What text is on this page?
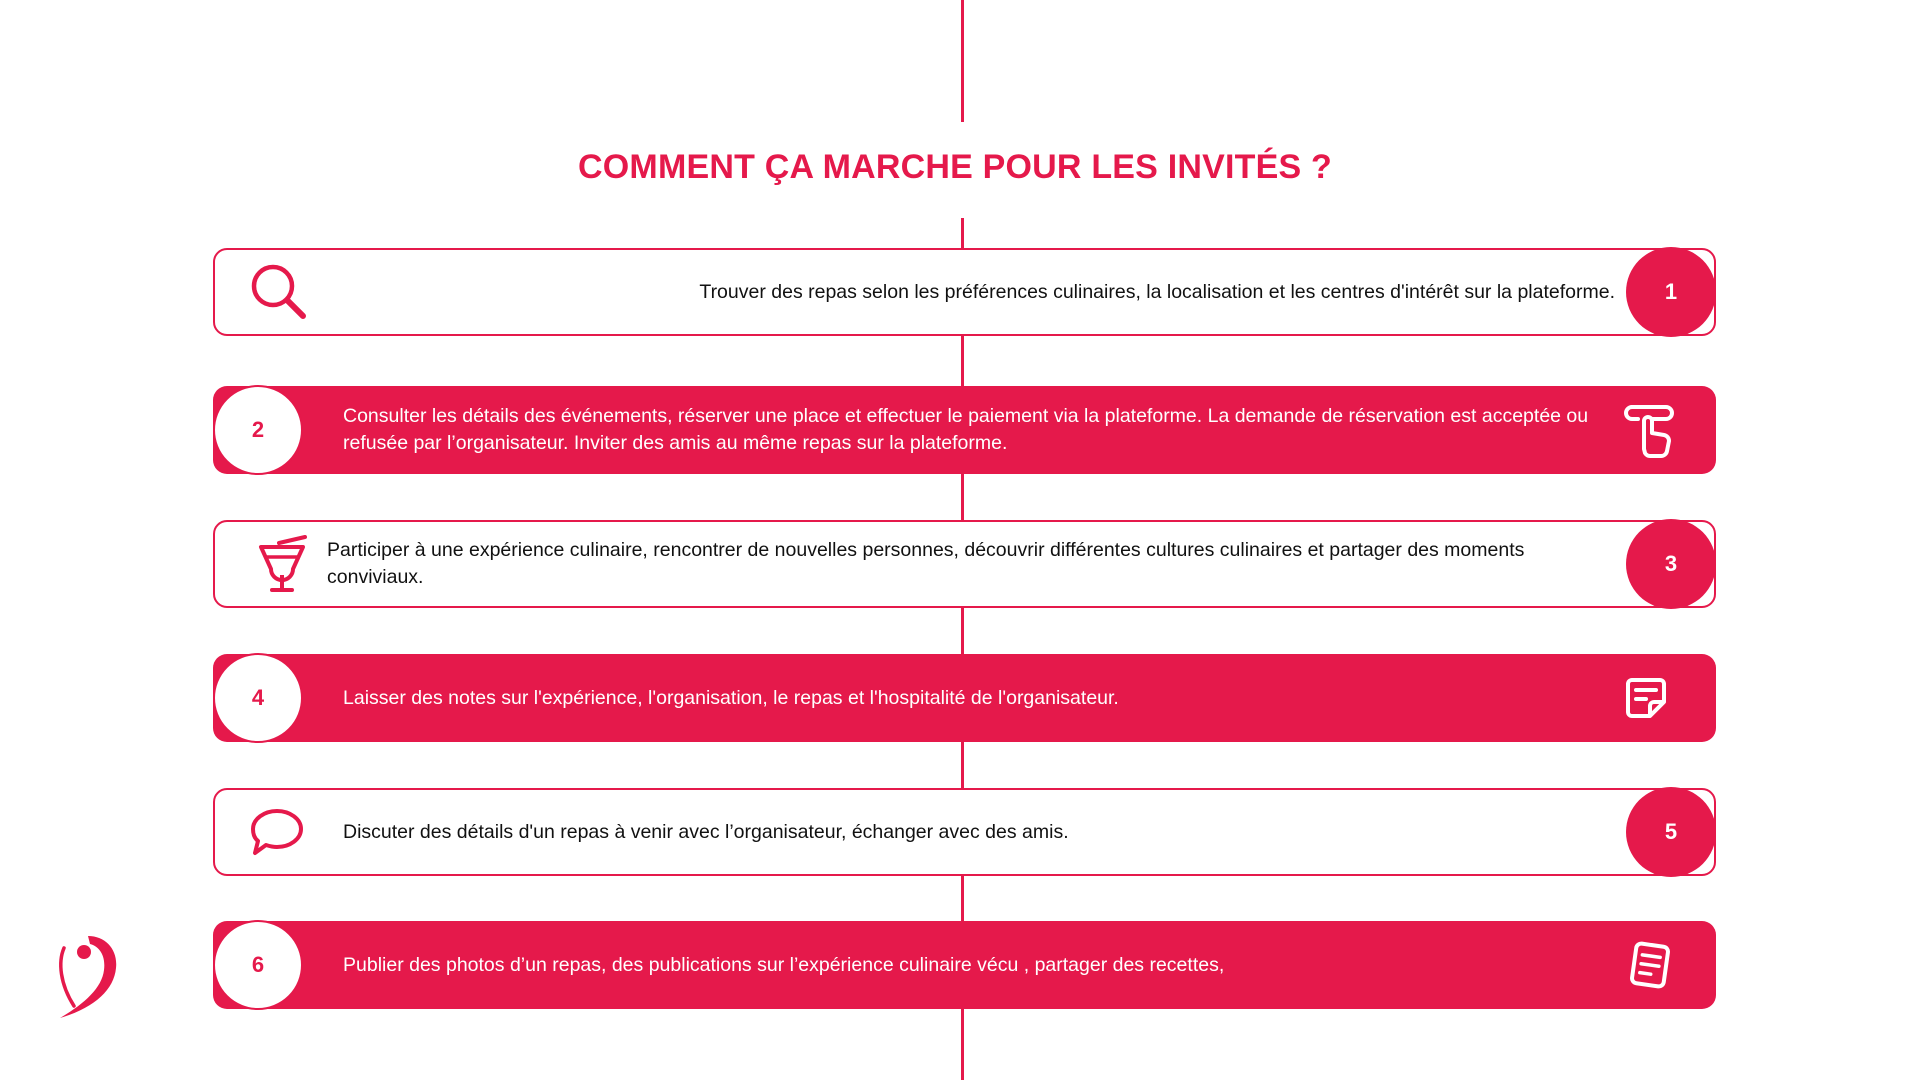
COMMENT ÇA MARCHE POUR LES INVITÉS ?
Trouver des repas selon les préférences culinaires, la localisation et les centres d'intérêt sur la plateforme.	1
2
Consulter les détails des événements, réserver une place et effectuer le paiement via la plateforme. La demande de réservation est acceptée ou refusée par l’organisateur. Inviter des amis au même repas sur la plateforme.
Participer à une expérience culinaire, rencontrer de nouvelles personnes, découvrir différentes cultures culinaires et partager des moments conviviaux.
3
4	Laisser des notes sur l'expérience, l'organisation, le repas et l'hospitalité de l'organisateur.
Discuter des détails d'un repas à venir avec l’organisateur, échanger avec des amis.	5
6	Publier des photos d’un repas, des publications sur l’expérience culinaire vécu , partager des recettes,
